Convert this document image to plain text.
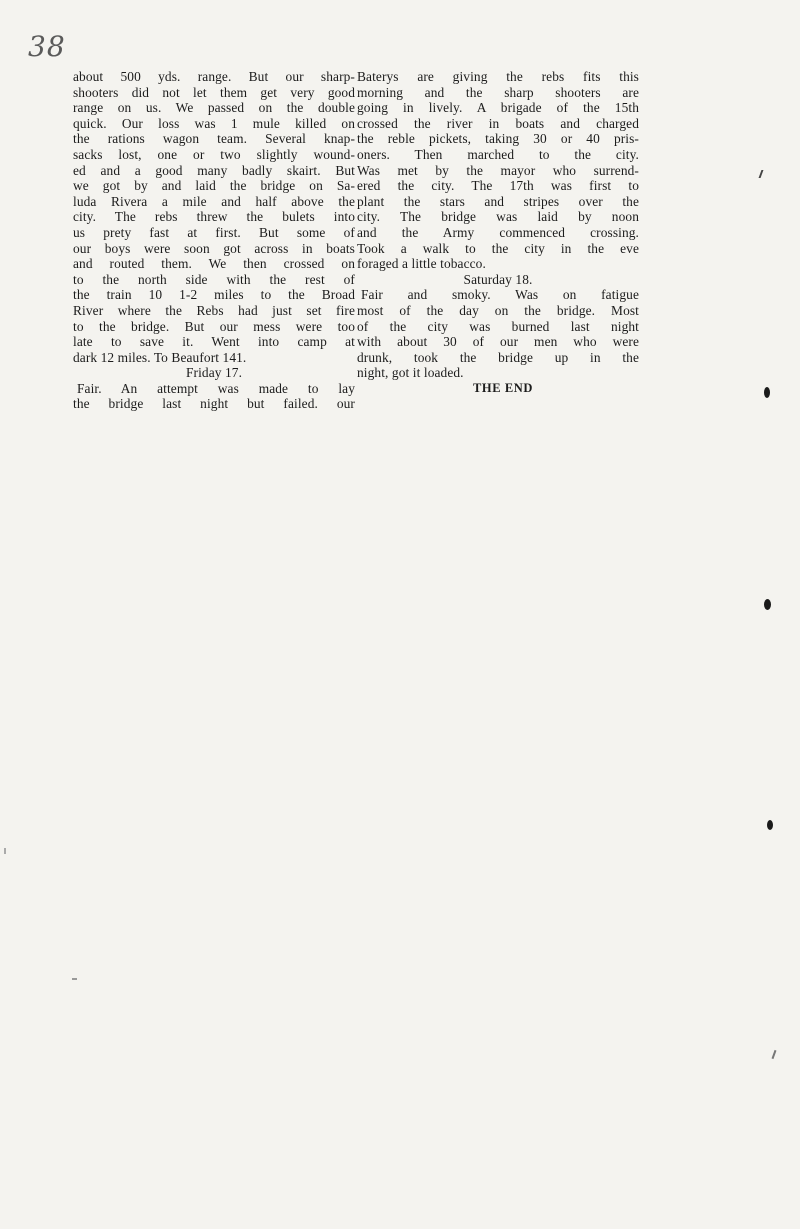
38
about 500 yds. range. But our sharp-
shooters did not let them get very good
range on us. We passed on the double
quick. Our loss was 1 mule killed on
the rations wagon team. Several knap-
sacks lost, one or two slightly wound-
ed and a good many badly skairt. But
we got by and laid the bridge on Sa-
luda Rivera a mile and half above the
city. The rebs threw the bulets into
us prety fast at first. But some of
our boys were soon got across in boats
and routed them. We then crossed on
to the north side with the rest of
the train 10 1-2 miles to the Broad
River where the Rebs had just set fire
to the bridge. But our mess were too
late to save it. Went into camp at
dark 12 miles. To Beaufort 141.
Friday 17.
Fair. An attempt was made to lay
the bridge last night but failed. our
Baterys are giving the rebs fits this
morning and the sharp shooters are
going in lively. A brigade of the 15th
crossed the river in boats and charged
the reble pickets, taking 30 or 40 pris-
oners. Then marched to the city.
Was met by the mayor who surrend-
ered the city. The 17th was first to
plant the stars and stripes over the
city. The bridge was laid by noon
and the Army commenced crossing.
Took a walk to the city in the eve
foraged a little tobacco.
Saturday 18.
Fair and smoky. Was on fatigue
most of the day on the bridge. Most
of the city was burned last night
with about 30 of our men who were
drunk, took the bridge up in the
night, got it loaded.
THE END
